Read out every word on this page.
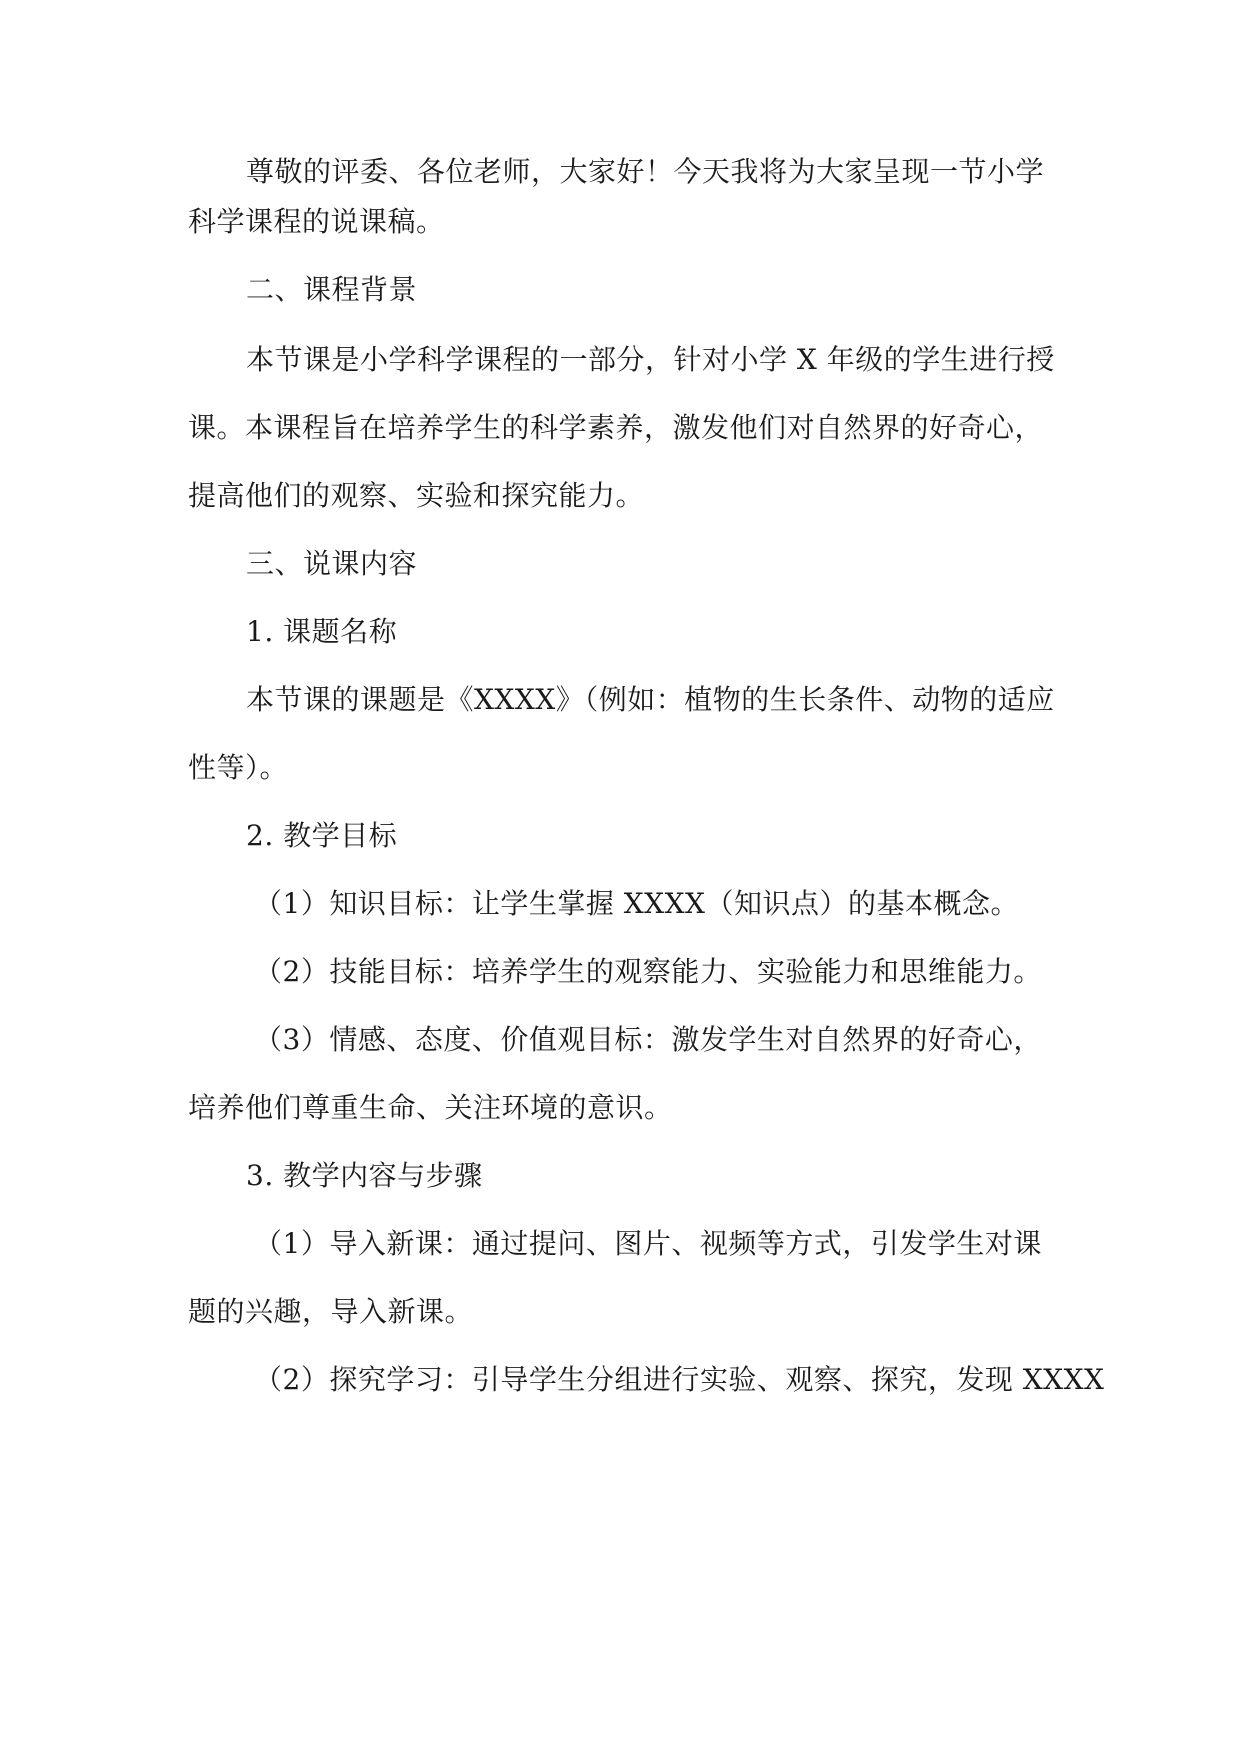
尊敬的评委、各位老师，大家好！今天我将为大家呈现一节小学
科学课程的说课稿。
二、课程背景
本节课是小学科学课程的一部分，针对小学 X 年级的学生进行授
课。本课程旨在培养学生的科学素养，激发他们对自然界的好奇心，
提高他们的观察、实验和探究能力。
三、说课内容
1. 课题名称
本节课的课题是《XXXX》（例如：植物的生长条件、动物的适应
性等）。
2. 教学目标
（1）知识目标：让学生掌握 XXXX（知识点）的基本概念。
（2）技能目标：培养学生的观察能力、实验能力和思维能力。
（3）情感、态度、价值观目标：激发学生对自然界的好奇心，
培养他们尊重生命、关注环境的意识。
3. 教学内容与步骤
（1）导入新课：通过提问、图片、视频等方式，引发学生对课
题的兴趣，导入新课。
（2）探究学习：引导学生分组进行实验、观察、探究，发现 XXXX
